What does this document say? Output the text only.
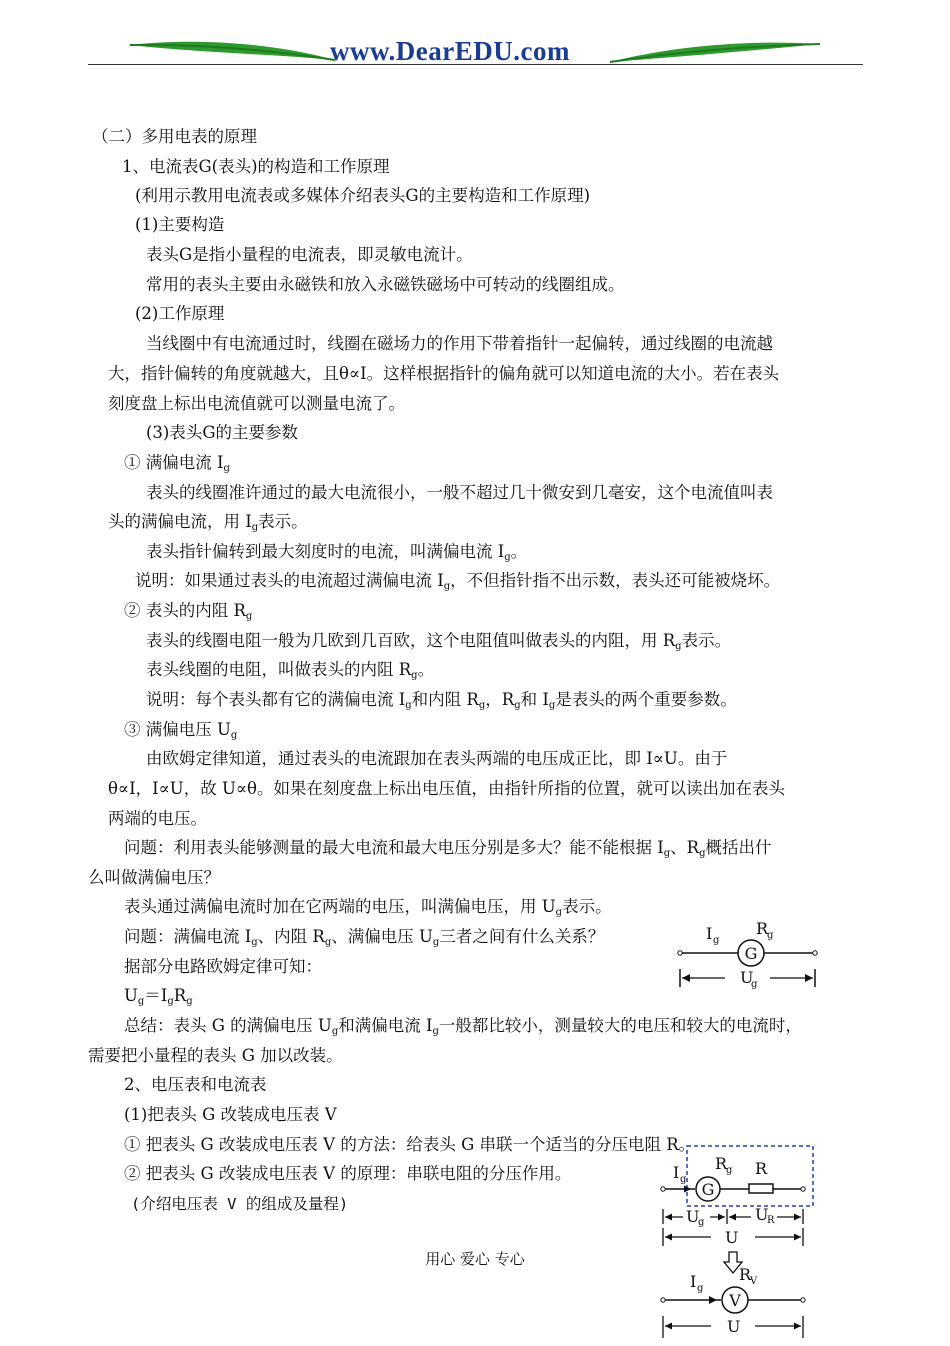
www.DearEDU.com
（二）多用电表的原理
1、电流表G(表头)的构造和工作原理
(利用示教用电流表或多媒体介绍表头G的主要构造和工作原理)
(1)主要构造
表头G是指小量程的电流表，即灵敏电流计。
常用的表头主要由永磁铁和放入永磁铁磁场中可转动的线圈组成。
(2)工作原理
当线圈中有电流通过时，线圈在磁场力的作用下带着指针一起偏转，通过线圈的电流越
大，指针偏转的角度就越大，且θ∝I。这样根据指针的偏角就可以知道电流的大小。若在表头
刻度盘上标出电流值就可以测量电流了。
(3)表头G的主要参数
① 满偏电流 $I_g$
表头的线圈准许通过的最大电流很小，一般不超过几十微安到几毫安，这个电流值叫表
头的满偏电流，用 $I_g$表示。
表头指针偏转到最大刻度时的电流，叫满偏电流 $I_g$。
说明：如果通过表头的电流超过满偏电流 $I_g$，不但指针指不出示数，表头还可能被烧坏。
② 表头的内阻 $R_g$
表头的线圈电阻一般为几欧到几百欧，这个电阻值叫做表头的内阻，用 $R_g$表示。
表头线圈的电阻，叫做表头的内阻 $R_g$。
说明：每个表头都有它的满偏电流 $I_g$和内阻 $R_g$，$R_g$和 $I_g$是表头的两个重要参数。
③ 满偏电压 $U_g$
由欧姆定律知道，通过表头的电流跟加在表头两端的电压成正比，即 I∝U。由于
θ∝I，I∝U，故 U∝θ。如果在刻度盘上标出电压值，由指针所指的位置，就可以读出加在表头
两端的电压。
问题：利用表头能够测量的最大电流和最大电压分别是多大？能不能根据 $I_g$、$R_g$概括出什
么叫做满偏电压？
表头通过满偏电流时加在它两端的电压，叫满偏电压，用 $U_g$表示。
问题：满偏电流 $I_g$、内阻 $R_g$、满偏电压 $U_g$三者之间有什么关系？
据部分电路欧姆定律可知：
$U_g=I_gR_g$
总结：表头 G 的满偏电压 $U_g$和满偏电流 $I_g$一般都比较小，测量较大的电压和较大的电流时，
需要把小量程的表头 G 加以改装。
2、电压表和电流表
(1)把表头 G 改装成电压表 V
① 把表头 G 改装成电压表 V 的方法：给表头 G 串联一个适当的分压电阻 R。
② 把表头 G 改装成电压表 V 的原理：串联电阻的分压作用。
(介绍电压表 V 的组成及量程)
G
I g
R
g
U
g
G
I g
R
g R
U
g	U
R
U
V
I g
R
V
U
用心 爱心 专心
